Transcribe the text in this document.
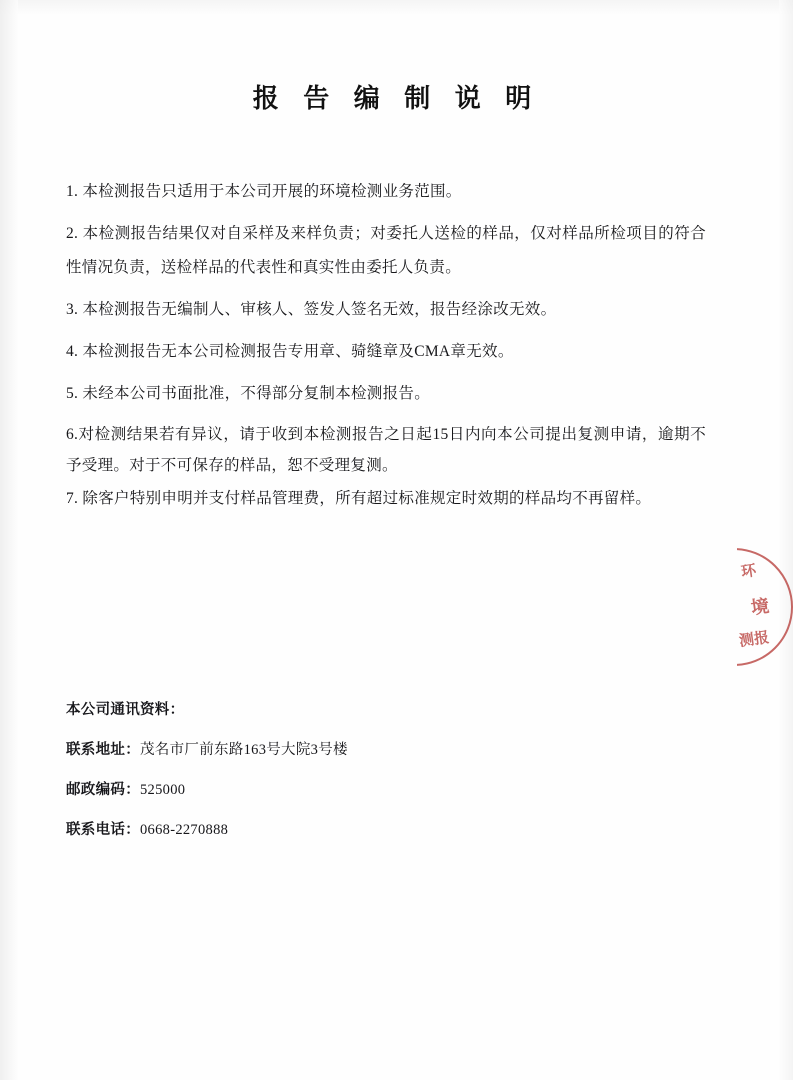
报 告 编 制 说 明
1. 本检测报告只适用于本公司开展的环境检测业务范围。
2. 本检测报告结果仅对自采样及来样负责；对委托人送检的样品，仅对样品所检项目的符合性情况负责，送检样品的代表性和真实性由委托人负责。
3. 本检测报告无编制人、审核人、签发人签名无效，报告经涂改无效。
4. 本检测报告无本公司检测报告专用章、骑缝章及CMA章无效。
5. 未经本公司书面批准，不得部分复制本检测报告。
6.对检测结果若有异议，请于收到本检测报告之日起15日内向本公司提出复测申请，逾期不予受理。对于不可保存的样品，恕不受理复测。
7. 除客户特别申明并支付样品管理费，所有超过标准规定时效期的样品均不再留样。
本公司通讯资料：
联系地址：茂名市厂前东路163号大院3号楼
邮政编码：525000
联系电话：0668-2270888
环
境
测报
